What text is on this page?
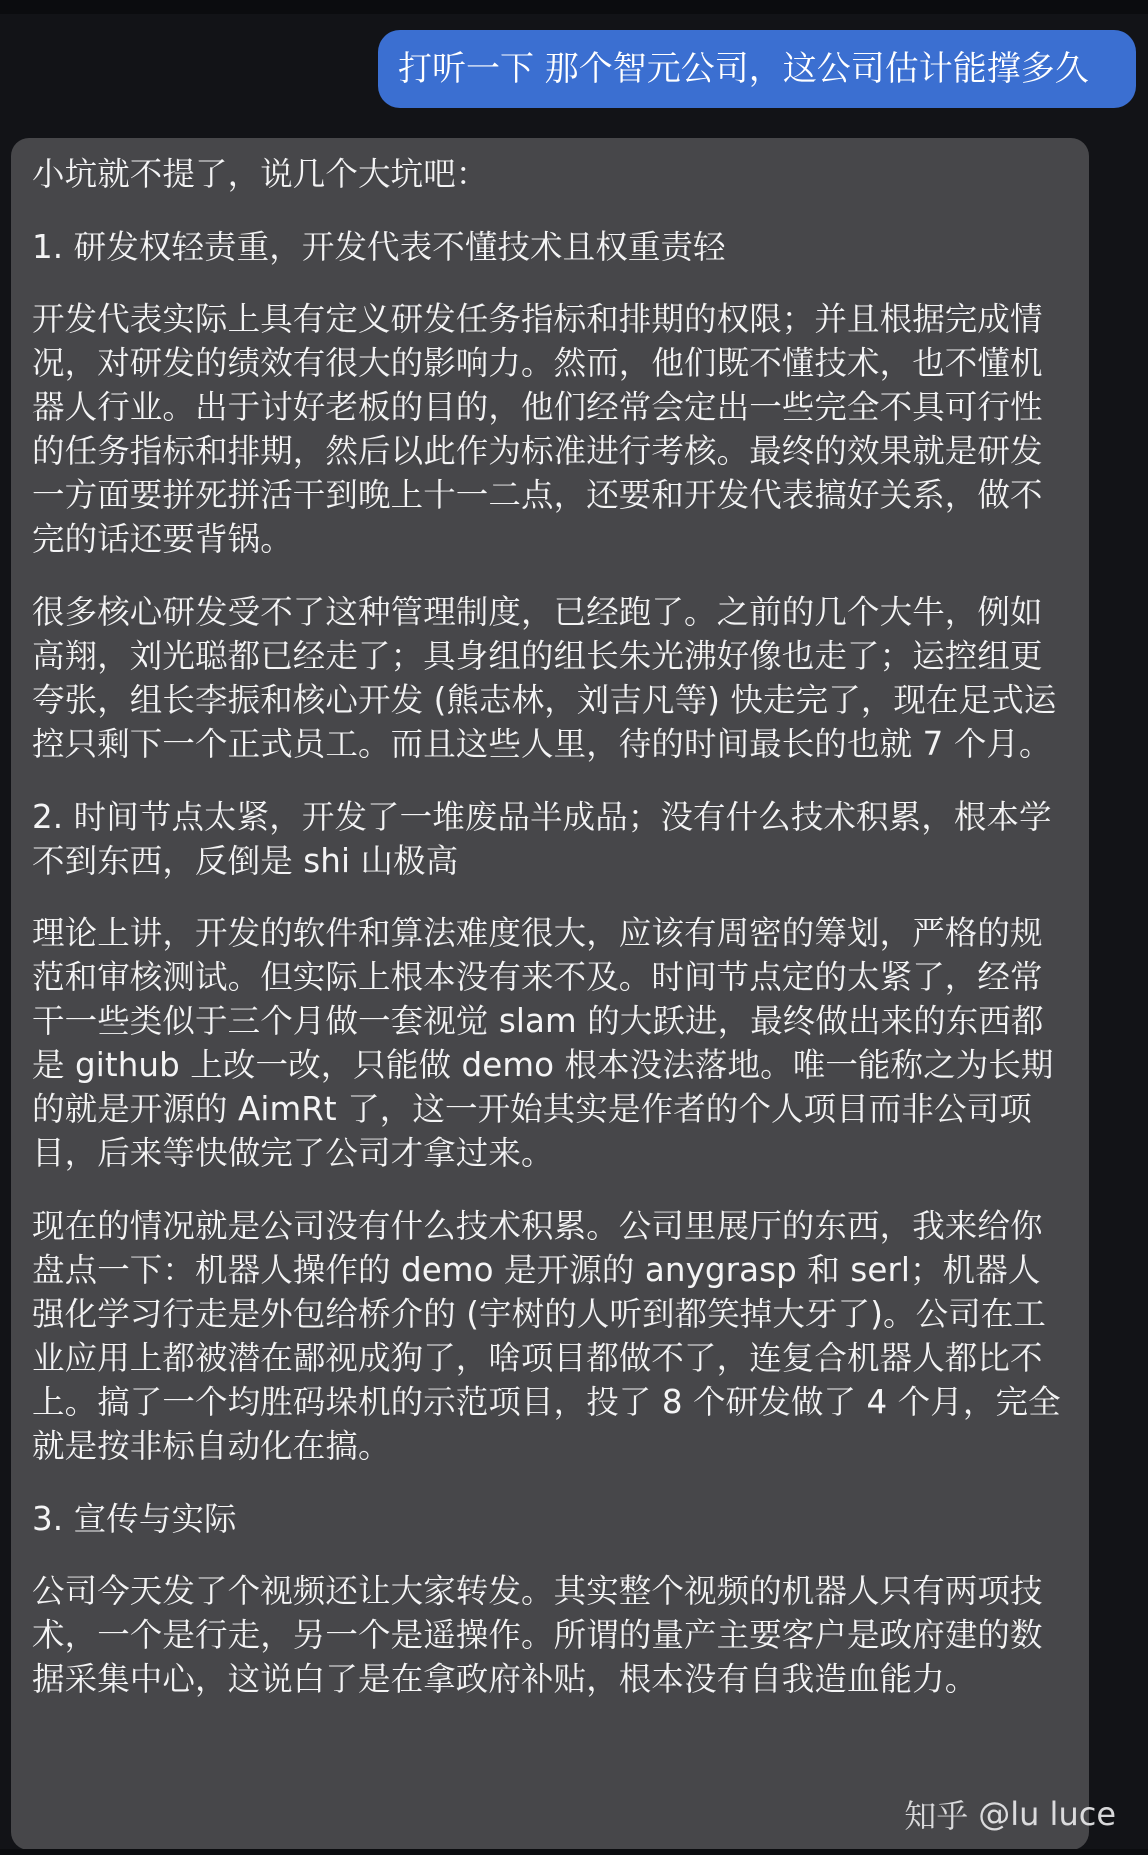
打听一下 那个智元公司，这公司估计能撑多久

小坑就不提了，说几个大坑吧：

1. 研发权轻责重，开发代表不懂技术且权重责轻

开发代表实际上具有定义研发任务指标和排期的权限；并且根据完成情况，对研发的绩效有很大的影响力。然而，他们既不懂技术，也不懂机器人行业。出于讨好老板的目的，他们经常会定出一些完全不具可行性的任务指标和排期，然后以此作为标准进行考核。最终的效果就是研发一方面要拼死拼活干到晚上十一二点，还要和开发代表搞好关系，做不完的话还要背锅。

很多核心研发受不了这种管理制度，已经跑了。之前的几个大牛，例如高翔，刘光聪都已经走了；具身组的组长朱光沸好像也走了；运控组更夸张，组长李振和核心开发 (熊志林，刘吉凡等) 快走完了，现在足式运控只剩下一个正式员工。而且这些人里，待的时间最长的也就 7 个月。

2. 时间节点太紧，开发了一堆废品半成品；没有什么技术积累，根本学不到东西，反倒是 shi 山极高

理论上讲，开发的软件和算法难度很大，应该有周密的筹划，严格的规范和审核测试。但实际上根本没有来不及。时间节点定的太紧了，经常干一些类似于三个月做一套视觉 slam 的大跃进，最终做出来的东西都是 github 上改一改，只能做 demo 根本没法落地。唯一能称之为长期的就是开源的 AimRt 了，这一开始其实是作者的个人项目而非公司项目，后来等快做完了公司才拿过来。

现在的情况就是公司没有什么技术积累。公司里展厅的东西，我来给你盘点一下：机器人操作的 demo 是开源的 anygrasp 和 serl；机器人强化学习行走是外包给桥介的 (宇树的人听到都笑掉大牙了)。公司在工业应用上都被潜在鄙视成狗了，啥项目都做不了，连复合机器人都比不上。搞了一个均胜码垛机的示范项目，投了 8 个研发做了 4 个月，完全就是按非标自动化在搞。

3. 宣传与实际

公司今天发了个视频还让大家转发。其实整个视频的机器人只有两项技术，一个是行走，另一个是遥操作。所谓的量产主要客户是政府建的数据采集中心，这说白了是在拿政府补贴，根本没有自我造血能力。

知乎 @lu luce
